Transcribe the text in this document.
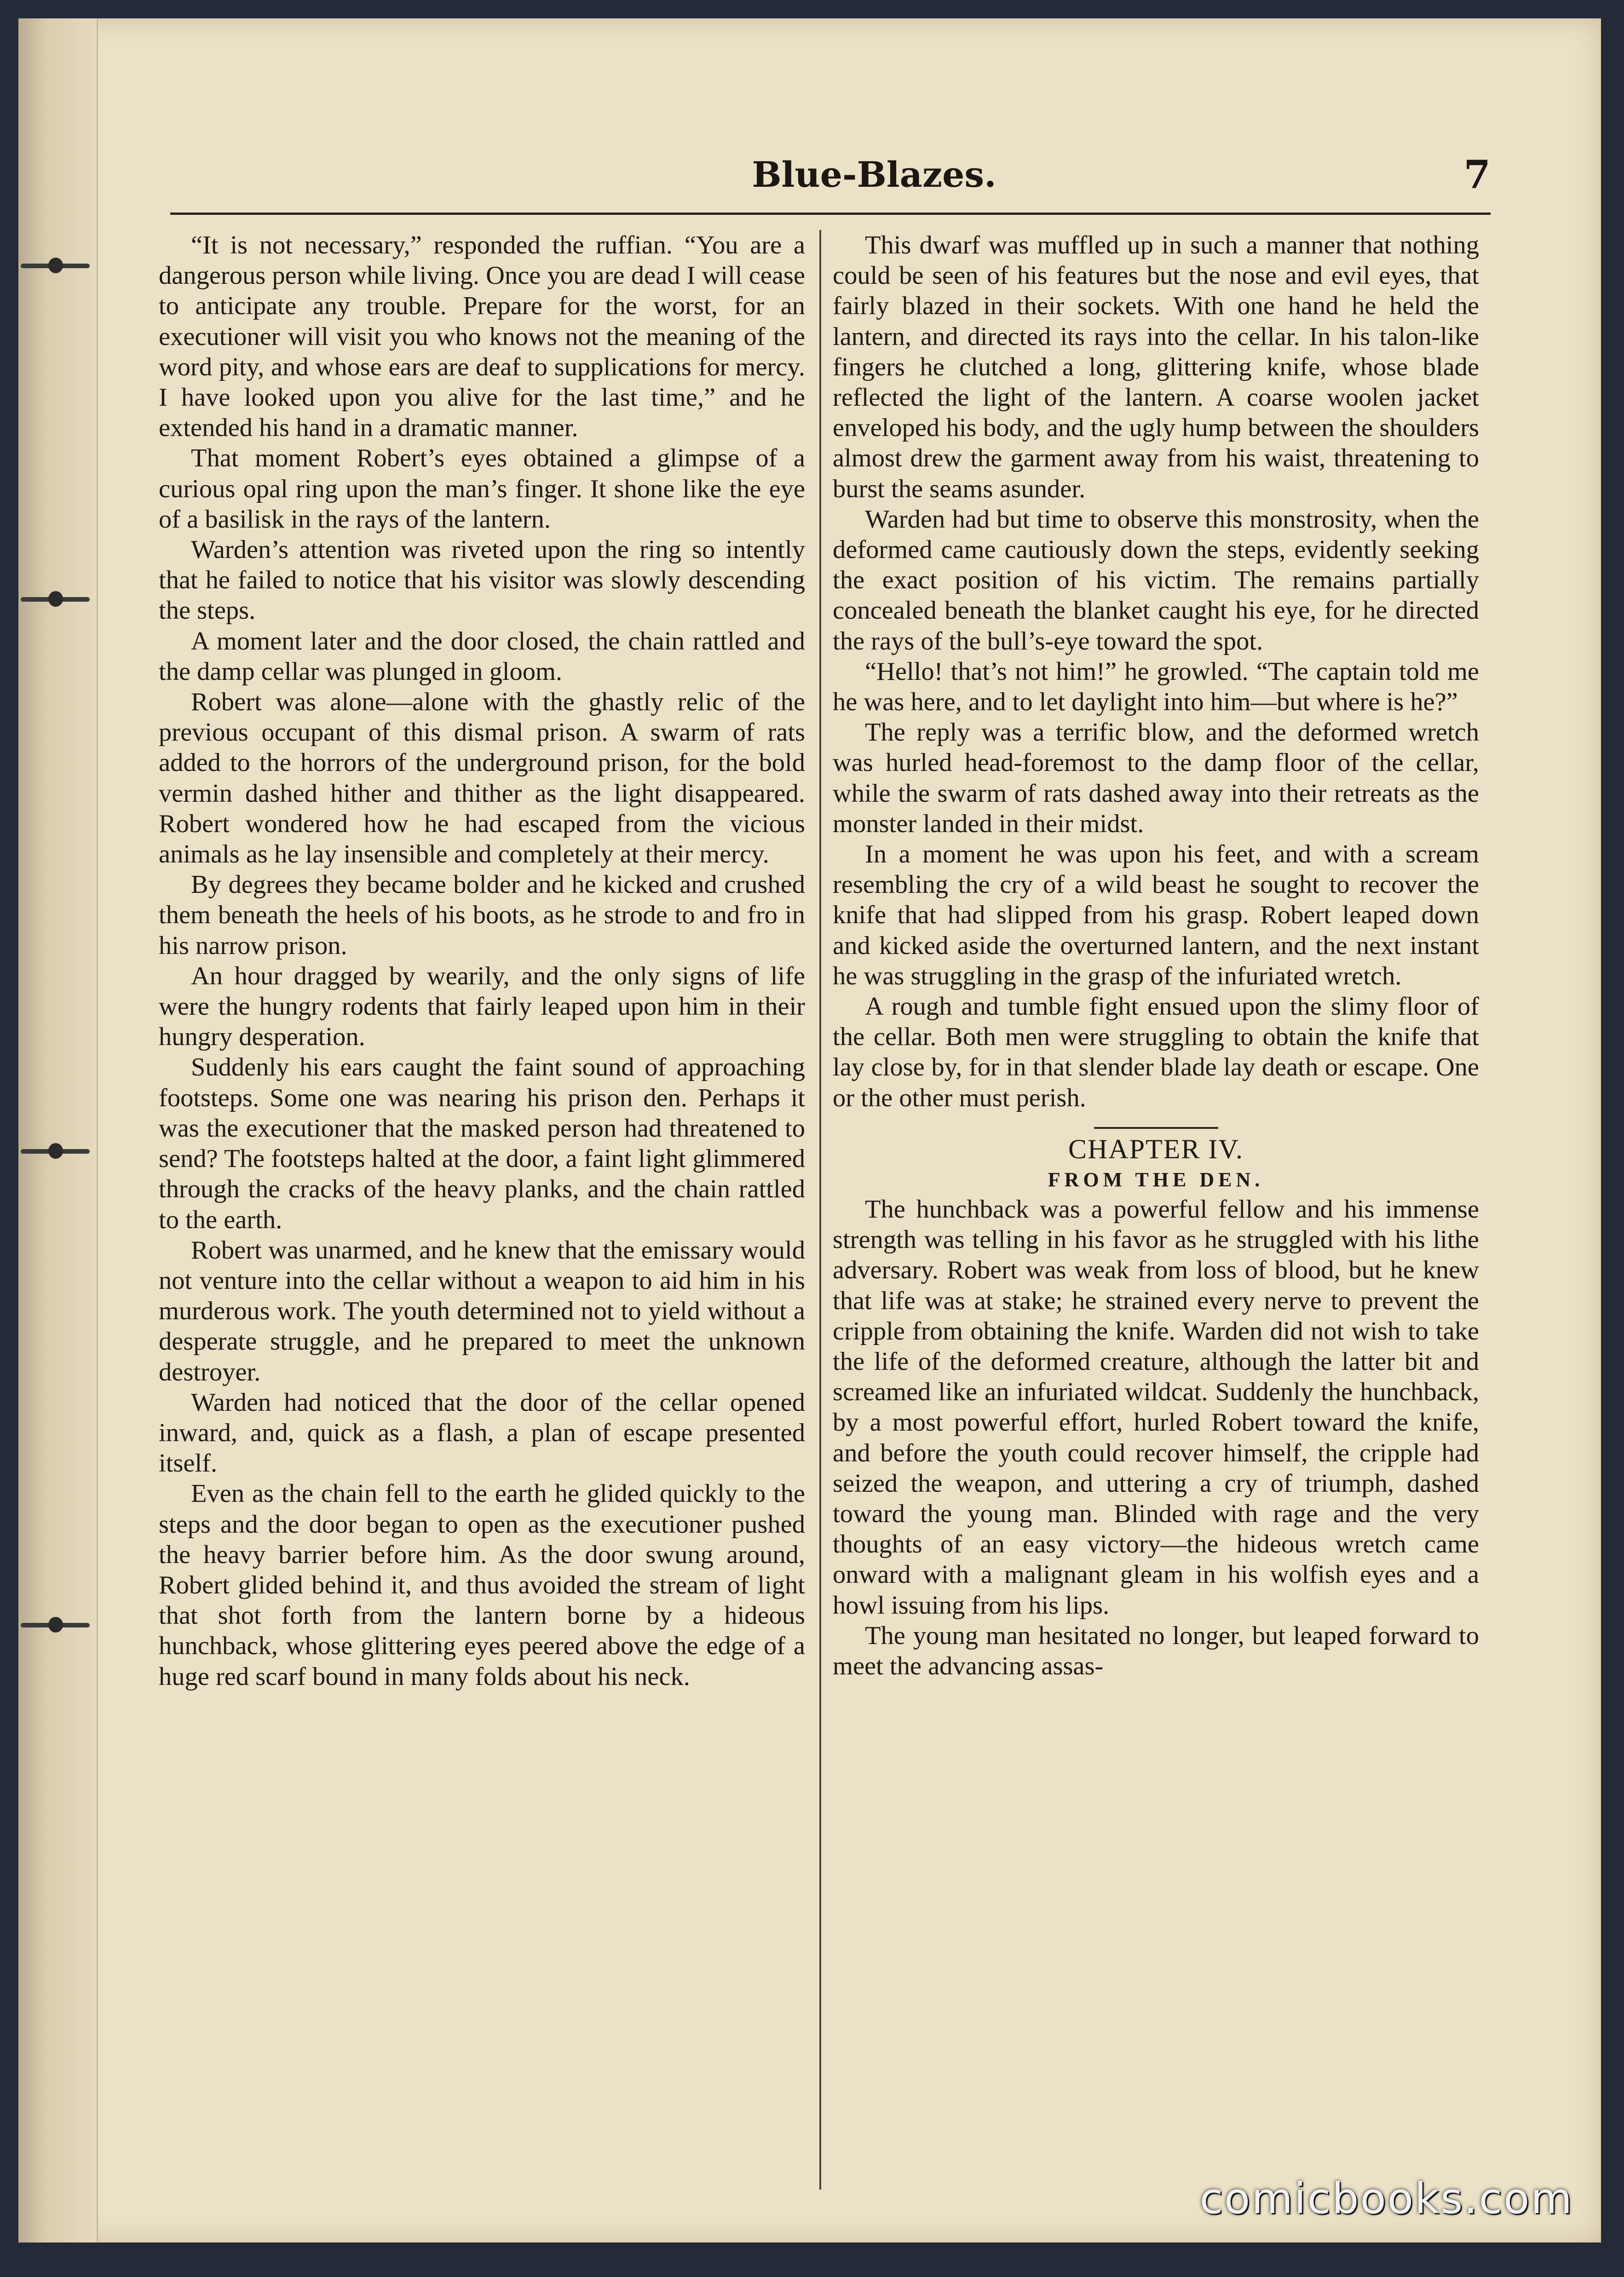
Blue-Blazes.	7

“It is not necessary,” responded the ruffian. “You are a dangerous person while living. Once you are dead I will cease to anticipate any trouble. Prepare for the worst, for an executioner will visit you who knows not the meaning of the word pity, and whose ears are deaf to supplications for mercy. I have looked upon you alive for the last time,” and he extended his hand in a dramatic manner.

That moment Robert’s eyes obtained a glimpse of a curious opal ring upon the man’s finger. It shone like the eye of a basilisk in the rays of the lantern.

Warden’s attention was riveted upon the ring so intently that he failed to notice that his visitor was slowly descending the steps.

A moment later and the door closed, the chain rattled and the damp cellar was plunged in gloom.

Robert was alone—alone with the ghastly relic of the previous occupant of this dismal prison. A swarm of rats added to the horrors of the underground prison, for the bold vermin dashed hither and thither as the light disappeared. Robert wondered how he had escaped from the vicious animals as he lay insensible and completely at their mercy.

By degrees they became bolder and he kicked and crushed them beneath the heels of his boots, as he strode to and fro in his narrow prison.

An hour dragged by wearily, and the only signs of life were the hungry rodents that fairly leaped upon him in their hungry desperation.

Suddenly his ears caught the faint sound of approaching footsteps. Some one was nearing his prison den. Perhaps it was the executioner that the masked person had threatened to send? The footsteps halted at the door, a faint light glimmered through the cracks of the heavy planks, and the chain rattled to the earth.

Robert was unarmed, and he knew that the emissary would not venture into the cellar without a weapon to aid him in his murderous work. The youth determined not to yield without a desperate struggle, and he prepared to meet the unknown destroyer.

Warden had noticed that the door of the cellar opened inward, and, quick as a flash, a plan of escape presented itself.

Even as the chain fell to the earth he glided quickly to the steps and the door began to open as the executioner pushed the heavy barrier before him. As the door swung around, Robert glided behind it, and thus avoided the stream of light that shot forth from the lantern borne by a hideous hunchback, whose glittering eyes peered above the edge of a huge red scarf bound in many folds about his neck.

This dwarf was muffled up in such a manner that nothing could be seen of his features but the nose and evil eyes, that fairly blazed in their sockets. With one hand he held the lantern, and directed its rays into the cellar. In his talon-like fingers he clutched a long, glittering knife, whose blade reflected the light of the lantern. A coarse woolen jacket enveloped his body, and the ugly hump between the shoulders almost drew the garment away from his waist, threatening to burst the seams asunder.

Warden had but time to observe this monstrosity, when the deformed came cautiously down the steps, evidently seeking the exact position of his victim. The remains partially concealed beneath the blanket caught his eye, for he directed the rays of the bull’s-eye toward the spot.

“Hello! that’s not him!” he growled. “The captain told me he was here, and to let daylight into him—but where is he?”

The reply was a terrific blow, and the deformed wretch was hurled head-foremost to the damp floor of the cellar, while the swarm of rats dashed away into their retreats as the monster landed in their midst.

In a moment he was upon his feet, and with a scream resembling the cry of a wild beast he sought to recover the knife that had slipped from his grasp. Robert leaped down and kicked aside the overturned lantern, and the next instant he was struggling in the grasp of the infuriated wretch.

A rough and tumble fight ensued upon the slimy floor of the cellar. Both men were struggling to obtain the knife that lay close by, for in that slender blade lay death or escape. One or the other must perish.

CHAPTER IV.
FROM THE DEN.

The hunchback was a powerful fellow and his immense strength was telling in his favor as he struggled with his lithe adversary. Robert was weak from loss of blood, but he knew that life was at stake; he strained every nerve to prevent the cripple from obtaining the knife. Warden did not wish to take the life of the deformed creature, although the latter bit and screamed like an infuriated wildcat. Suddenly the hunchback, by a most powerful effort, hurled Robert toward the knife, and before the youth could recover himself, the cripple had seized the weapon, and uttering a cry of triumph, dashed toward the young man. Blinded with rage and the very thoughts of an easy victory—the hideous wretch came onward with a malignant gleam in his wolfish eyes and a howl issuing from his lips.

The young man hesitated no longer, but leaped forward to meet the advancing assas-

comicbooks.com
